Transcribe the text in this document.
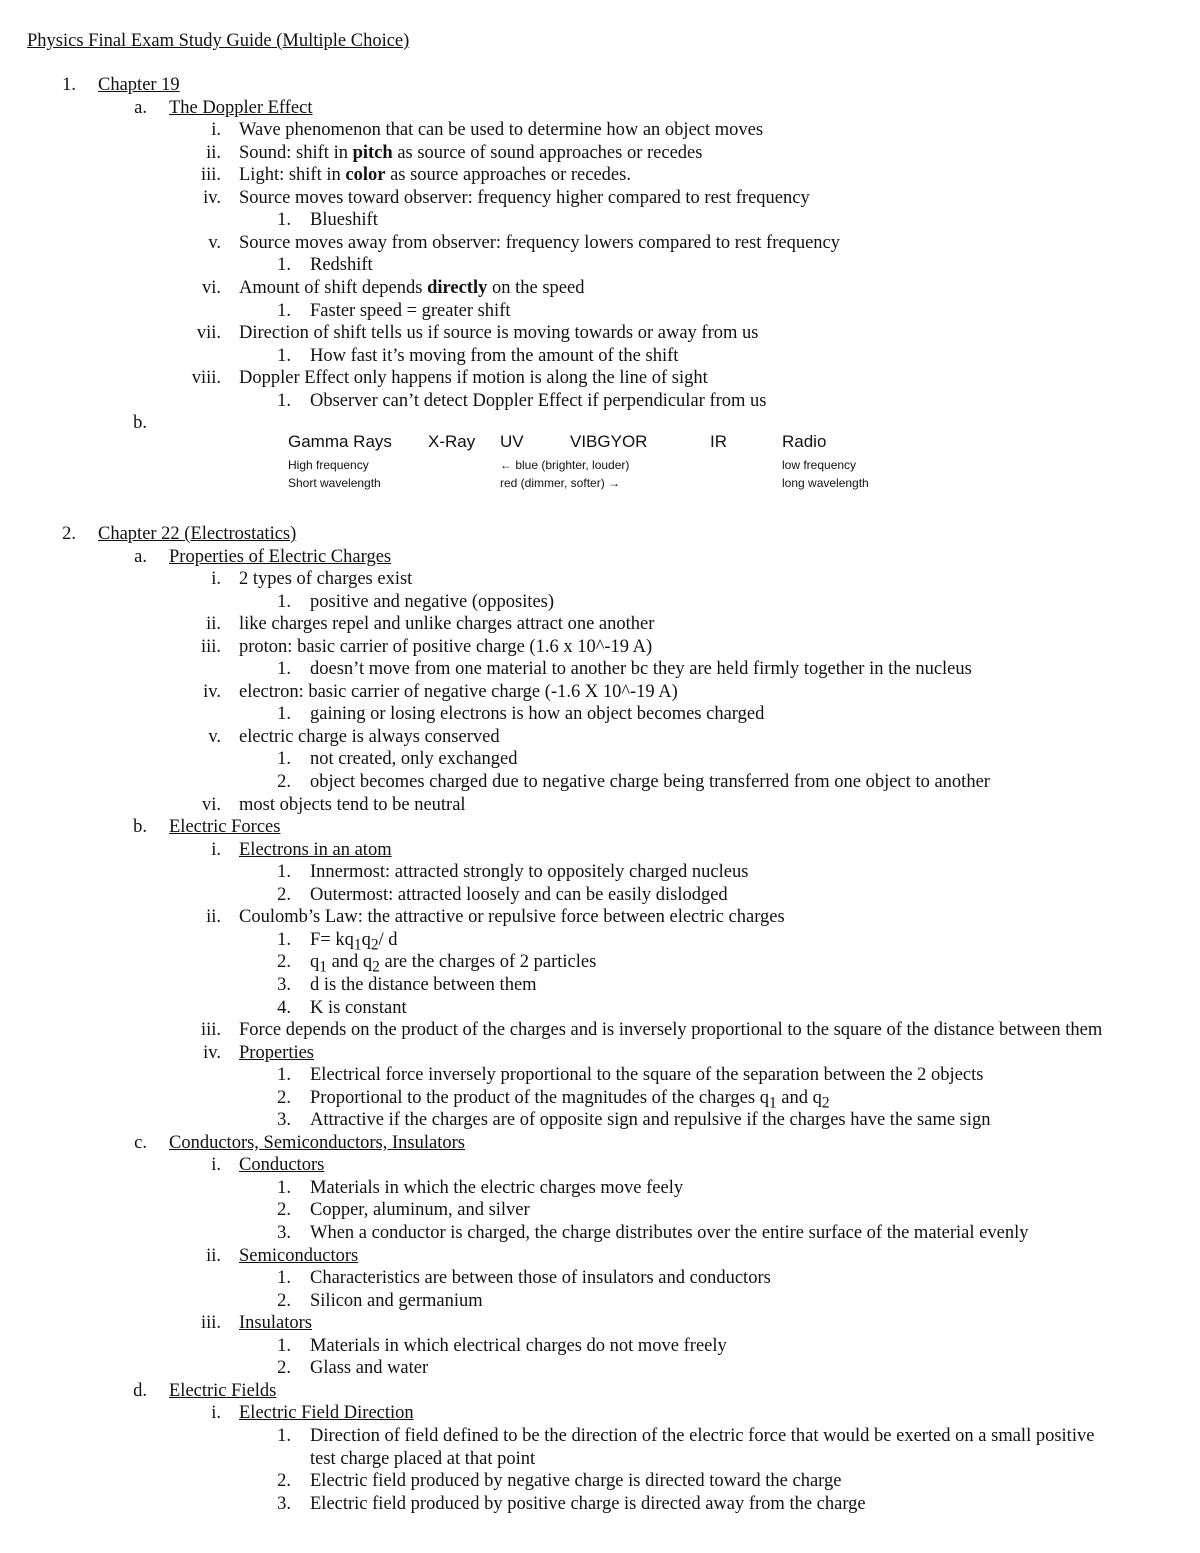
Physics Final Exam Study Guide (Multiple Choice)
1. Chapter 19
a. The Doppler Effect
i. Wave phenomenon that can be used to determine how an object moves
ii. Sound: shift in pitch as source of sound approaches or recedes
iii. Light: shift in color as source approaches or recedes.
iv. Source moves toward observer: frequency higher compared to rest frequency
1. Blueshift
v. Source moves away from observer: frequency lowers compared to rest frequency
1. Redshift
vi. Amount of shift depends directly on the speed
1. Faster speed = greater shift
vii. Direction of shift tells us if source is moving towards or away from us
1. How fast it’s moving from the amount of the shift
viii. Doppler Effect only happens if motion is along the line of sight
1. Observer can’t detect Doppler Effect if perpendicular from us
b.
2. Chapter 22 (Electrostatics)
a. Properties of Electric Charges
i. 2 types of charges exist
1. positive and negative (opposites)
ii. like charges repel and unlike charges attract one another
iii. proton: basic carrier of positive charge (1.6 x 10^-19 A)
1. doesn’t move from one material to another bc they are held firmly together in the nucleus
iv. electron: basic carrier of negative charge (-1.6 X 10^-19 A)
1. gaining or losing electrons is how an object becomes charged
v. electric charge is always conserved
1. not created, only exchanged
2. object becomes charged due to negative charge being transferred from one object to another
vi. most objects tend to be neutral
b. Electric Forces
i. Electrons in an atom
1. Innermost: attracted strongly to oppositely charged nucleus
2. Outermost: attracted loosely and can be easily dislodged
ii. Coulomb’s Law: the attractive or repulsive force between electric charges
1. $F= kq_1q_2/$ d
2. $q_1$ and $q_2$ are the charges of 2 particles
3. d is the distance between them
4. K is constant
iii. Force depends on the product of the charges and is inversely proportional to the square of the distance between them
iv. Properties
1. Electrical force inversely proportional to the square of the separation between the 2 objects
2. Proportional to the product of the magnitudes of the charges $q_1$ and $q_2$
3. Attractive if the charges are of opposite sign and repulsive if the charges have the same sign
c. Conductors, Semiconductors, Insulators
i. Conductors
1. Materials in which the electric charges move feely
2. Copper, aluminum, and silver
3. When a conductor is charged, the charge distributes over the entire surface of the material evenly
ii. Semiconductors
1. Characteristics are between those of insulators and conductors
2. Silicon and germanium
iii. Insulators
1. Materials in which electrical charges do not move freely
2. Glass and water
d. Electric Fields
i. Electric Field Direction
1. Direction of field defined to be the direction of the electric force that would be exerted on a small positive
test charge placed at that point
2. Electric field produced by negative charge is directed toward the charge
3. Electric field produced by positive charge is directed away from the charge
Gamma Rays X-Ray UV	VIBGYOR	IR	Radio
High frequency
Short wavelength
← blue (brighter, louder)
red (dimmer, softer) →
low frequency
long wavelength
